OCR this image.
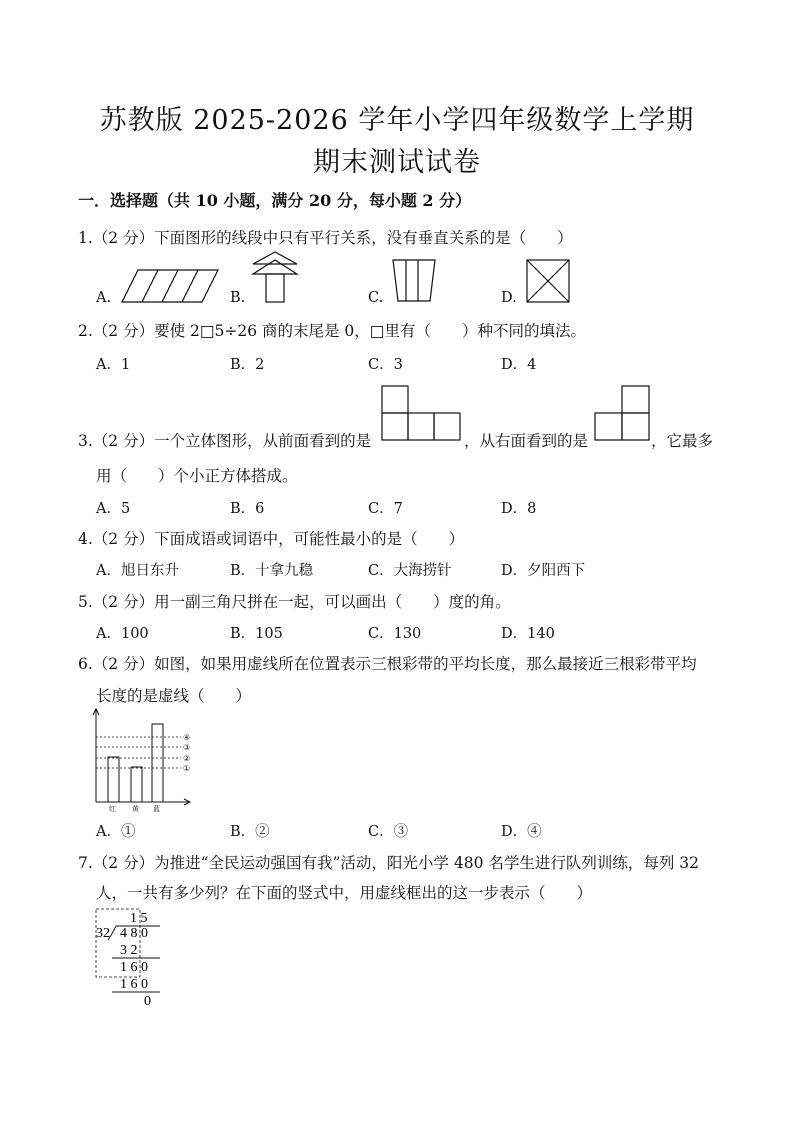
苏教版 2025-2026 学年小学四年级数学上学期
期末测试试卷
一．选择题（共 10 小题，满分 20 分，每小题 2 分）
1.（2 分）下面图形的线段中只有平行关系，没有垂直关系的是（　　）
A.	B.	C.	D.
2.（2 分）要使 2□5÷26 商的末尾是 0，□里有（　　）种不同的填法。
A．1	B．2	C．3	D．4
3.（2 分）一个立体图形，从前面看到的是	，从右面看到的是	，它最多
用（　　）个小正方体搭成。
A．5	B．6	C．7	D．8
4.（2 分）下面成语或词语中，可能性最小的是（　　）
A．旭日东升	B．十拿九稳	C．大海捞针	D．夕阳西下
5.（2 分）用一副三角尺拼在一起，可以画出（　　）度的角。
A．100	B．105	C．130	D．140
6.（2 分）如图，如果用虚线所在位置表示三根彩带的平均长度，那么最接近三根彩带平均
长度的是虚线（　　）
④
③
②
①
红 黄 蓝
A．①	B．②	C．③	D．④
7.（2 分）为推进“全民运动强国有我”活动，阳光小学 480 名学生进行队列训练，每列 32
人，一共有多少列？在下面的竖式中，用虚线框出的这一步表示（　　）
1 5
32 4 8 0
3 2
1 6 0
1 6 0
0
